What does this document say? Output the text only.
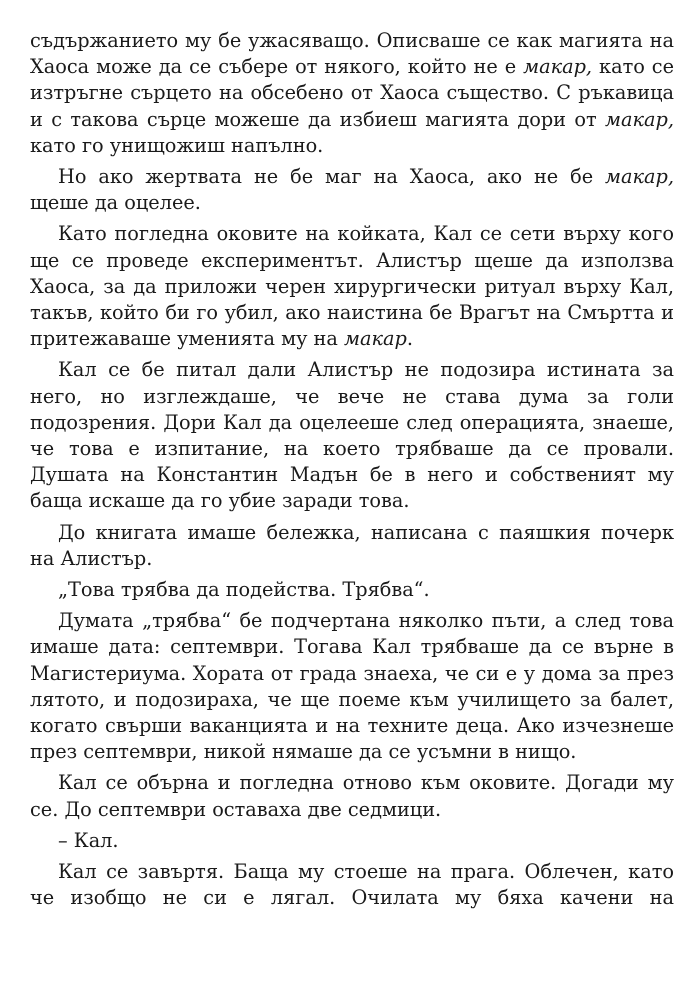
съдържанието му бе ужасяващо. Описваше се как магията на Хаоса може да се събере от някого, който не е макар, като се изтръгне сърцето на обсебено от Хаоса същество. С ръкавица и с такова сърце можеше да избиеш магията дори от макар, като го унищожиш напълно.

Но ако жертвата не бе маг на Хаоса, ако не бе макар, щеше да оцелее.

Като погледна оковите на койката, Кал се сети върху кого ще се проведе експериментът. Алистър щеше да използва Хаоса, за да приложи черен хирургически ритуал върху Кал, такъв, който би го убил, ако наистина бе Врагът на Смъртта и притежаваше уменията му на макар.

Кал се бе питал дали Алистър не подозира истината за него, но изглеждаше, че вече не става дума за голи подозрения. Дори Кал да оцелееше след операцията, знаеше, че това е изпитание, на което трябваше да се провали. Душата на Константин Мадън бе в него и собственият му баща искаше да го убие заради това.

До книгата имаше бележка, написана с паяшкия почерк на Алистър.

„Това трябва да подейства. Трябва“.

Думата „трябва“ бе подчертана няколко пъти, а след това имаше дата: септември. Тогава Кал трябваше да се върне в Магистериума. Хората от града знаеха, че си е у дома за през лятото, и подозираха, че ще поеме към училището за балет, когато свърши ваканцията и на техните деца. Ако изчезнеше през септември, никой нямаше да се усъмни в нищо.

Кал се обърна и погледна отново към оковите. Догади му се. До септември оставаха две седмици.

– Кал.

Кал се завъртя. Баща му стоеше на прага. Облечен, като че изобщо не си е лягал. Очилата му бяха качени на
